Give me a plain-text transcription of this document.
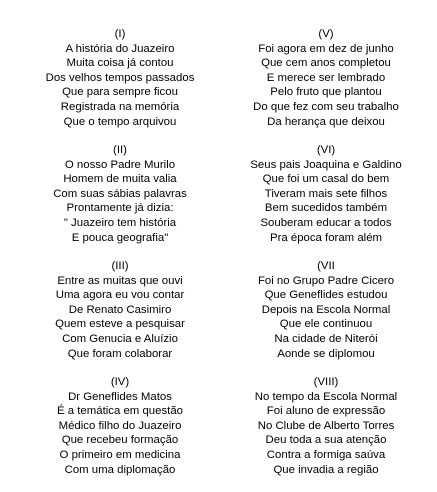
(I)
A história do Juazeiro
Muita coisa já contou
Dos velhos tempos passados
Que para sempre ficou
Registrada na memória
Que o tempo arquivou
(II)
O nosso Padre Murilo
Homem de muita valia
Com suas sábias palavras
Prontamente já dizia:
" Juazeiro tem história
E pouca geografia"
(III)
Entre as muitas que ouvi
Uma agora eu vou contar
De Renato Casimiro
Quem esteve a pesquisar
Com Genucia e Aluízio
Que foram colaborar
(IV)
Dr Geneflides Matos
É a temática em questão
Médico filho do Juazeiro
Que recebeu formação
O primeiro em medicina
Com uma diplomação
(V)
Foi agora em dez de junho
Que cem anos completou
E merece ser lembrado
Pelo fruto que plantou
Do que fez com seu trabalho
Da herança que deixou
(VI)
Seus pais Joaquina e Galdino
Que foi um casal do bem
Tiveram mais sete filhos
Bem sucedidos também
Souberam educar a todos
Pra época foram além
(VII
Foi no Grupo Padre Cicero
Que Geneflides estudou
Depois na Escola Normal
Que ele continuou
Na cidade de Niterói
Aonde se diplomou
(VIII)
No tempo da Escola Normal
Foi aluno de expressão
No Clube de Alberto Torres
Deu toda a sua atenção
Contra a formiga saúva
Que invadia a região
